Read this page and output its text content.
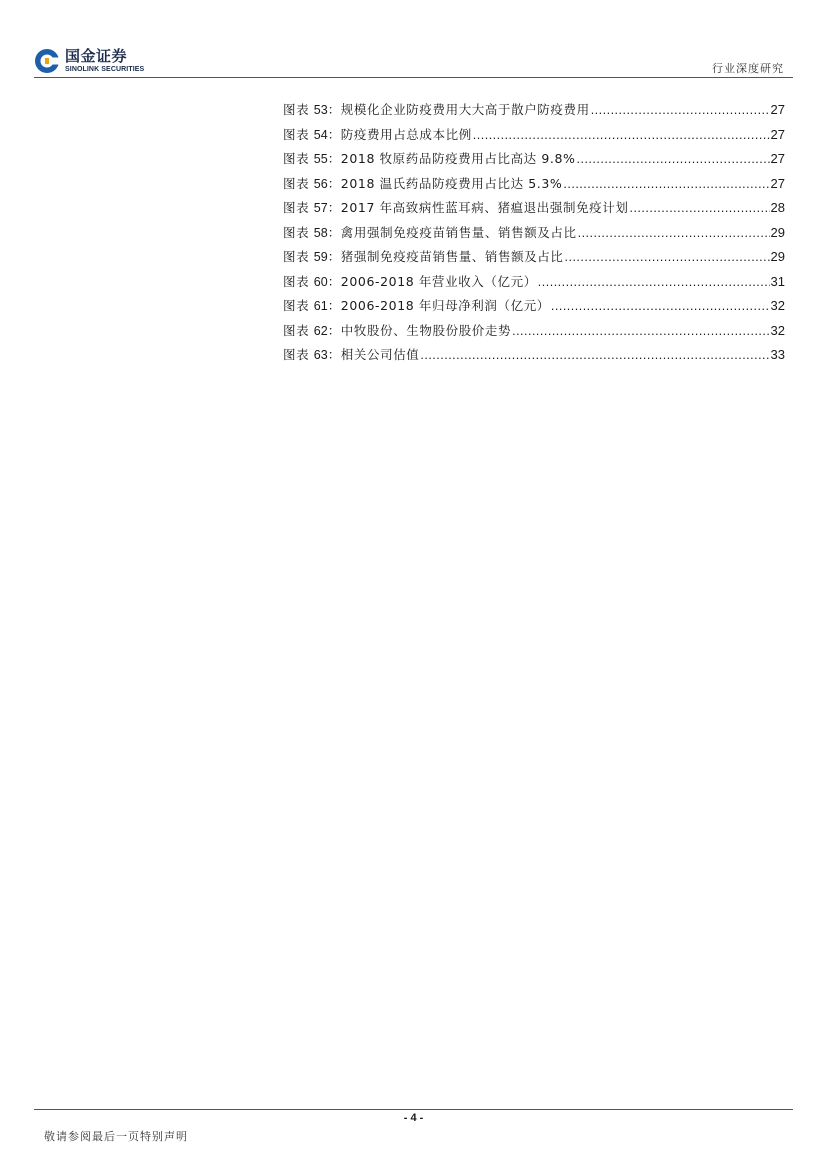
国金证券
SINOLINK SECURITIES	行业深度研究
图表 53：规模化企业防疫费用大大高于散户防疫费用 .....	27
图表 54：防疫费用占总成本比例 .....	27
图表 55：2018 牧原药品防疫费用占比高达 9.8% .....	27
图表 56：2018 温氏药品防疫费用占比达 5.3% .....	27
图表 57：2017 年高致病性蓝耳病、猪瘟退出强制免疫计划 .....	28
图表 58：禽用强制免疫疫苗销售量、销售额及占比 .....	29
图表 59：猪强制免疫疫苗销售量、销售额及占比 .....	29
图表 60：2006-2018 年营业收入（亿元） .....	31
图表 61：2006-2018 年归母净利润（亿元） .....	32
图表 62：中牧股份、生物股份股价走势 .....	32
图表 63：相关公司估值 .....	33
- 4 -
敬请参阅最后一页特别声明
